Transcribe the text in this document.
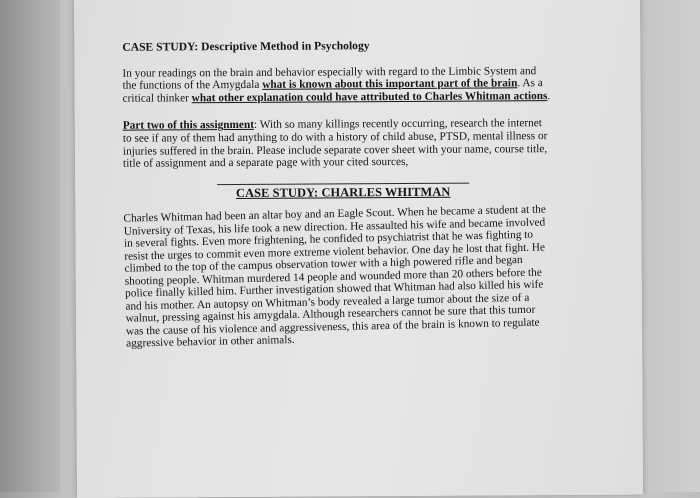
CASE STUDY: Descriptive Method in Psychology

In your readings on the brain and behavior especially with regard to the Limbic System and the functions of the Amygdala what is known about this important part of the brain. As a critical thinker what other explanation could have attributed to Charles Whitman actions.

Part two of this assignment: With so many killings recently occurring, research the internet to see if any of them had anything to do with a history of child abuse, PTSD, mental illness or injuries suffered in the brain. Please include separate cover sheet with your name, course title, title of assignment and a separate page with your cited sources,

CASE STUDY: CHARLES WHITMAN

Charles Whitman had been an altar boy and an Eagle Scout. When he became a student at the University of Texas, his life took a new direction. He assaulted his wife and became involved in several fights. Even more frightening, he confided to psychiatrist that he was fighting to resist the urges to commit even more extreme violent behavior. One day he lost that fight. He climbed to the top of the campus observation tower with a high powered rifle and began shooting people. Whitman murdered 14 people and wounded more than 20 others before the police finally killed him. Further investigation showed that Whitman had also killed his wife and his mother. An autopsy on Whitman’s body revealed a large tumor about the size of a walnut, pressing against his amygdala. Although researchers cannot be sure that this tumor was the cause of his violence and aggressiveness, this area of the brain is known to regulate aggressive behavior in other animals.
